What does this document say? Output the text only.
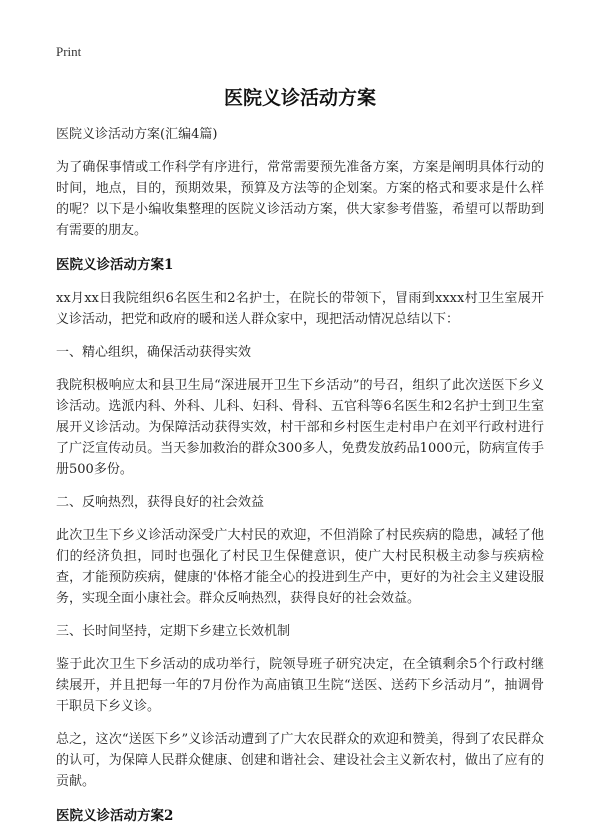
Print

医院义诊活动方案

医院义诊活动方案(汇编4篇)

为了确保事情或工作科学有序进行，常常需要预先准备方案，方案是阐明具体行动的时间，地点，目的，预期效果，预算及方法等的企划案。方案的格式和要求是什么样的呢？以下是小编收集整理的医院义诊活动方案，供大家参考借鉴，希望可以帮助到有需要的朋友。

医院义诊活动方案1

xx月xx日我院组织6名医生和2名护士，在院长的带领下，冒雨到xxxx村卫生室展开义诊活动，把党和政府的暖和送人群众家中，现把活动情况总结以下：

一、精心组织，确保活动获得实效

我院积极响应太和县卫生局“深进展开卫生下乡活动”的号召，组织了此次送医下乡义诊活动。选派内科、外科、儿科、妇科、骨科、五官科等6名医生和2名护士到卫生室展开义诊活动。为保障活动获得实效，村干部和乡村医生走村串户在刘平行政村进行了广泛宣传动员。当天参加救治的群众300多人，免费发放药品1000元，防病宣传手册500多份。

二、反响热烈，获得良好的社会效益

此次卫生下乡义诊活动深受广大村民的欢迎，不但消除了村民疾病的隐患，减轻了他们的经济负担，同时也强化了村民卫生保健意识，使广大村民积极主动参与疾病检查，才能预防疾病，健康的'体格才能全心的投进到生产中，更好的为社会主义建设服务，实现全面小康社会。群众反响热烈，获得良好的社会效益。

三、长时间坚持，定期下乡建立长效机制

鉴于此次卫生下乡活动的成功举行，院领导班子研究决定，在全镇剩余5个行政村继续展开，并且把每一年的7月份作为高庙镇卫生院“送医、送药下乡活动月”，抽调骨干职员下乡义诊。

总之，这次“送医下乡”义诊活动遭到了广大农民群众的欢迎和赞美，得到了农民群众的认可，为保障人民群众健康、创建和谐社会、建设社会主义新农村，做出了应有的贡献。

医院义诊活动方案2
